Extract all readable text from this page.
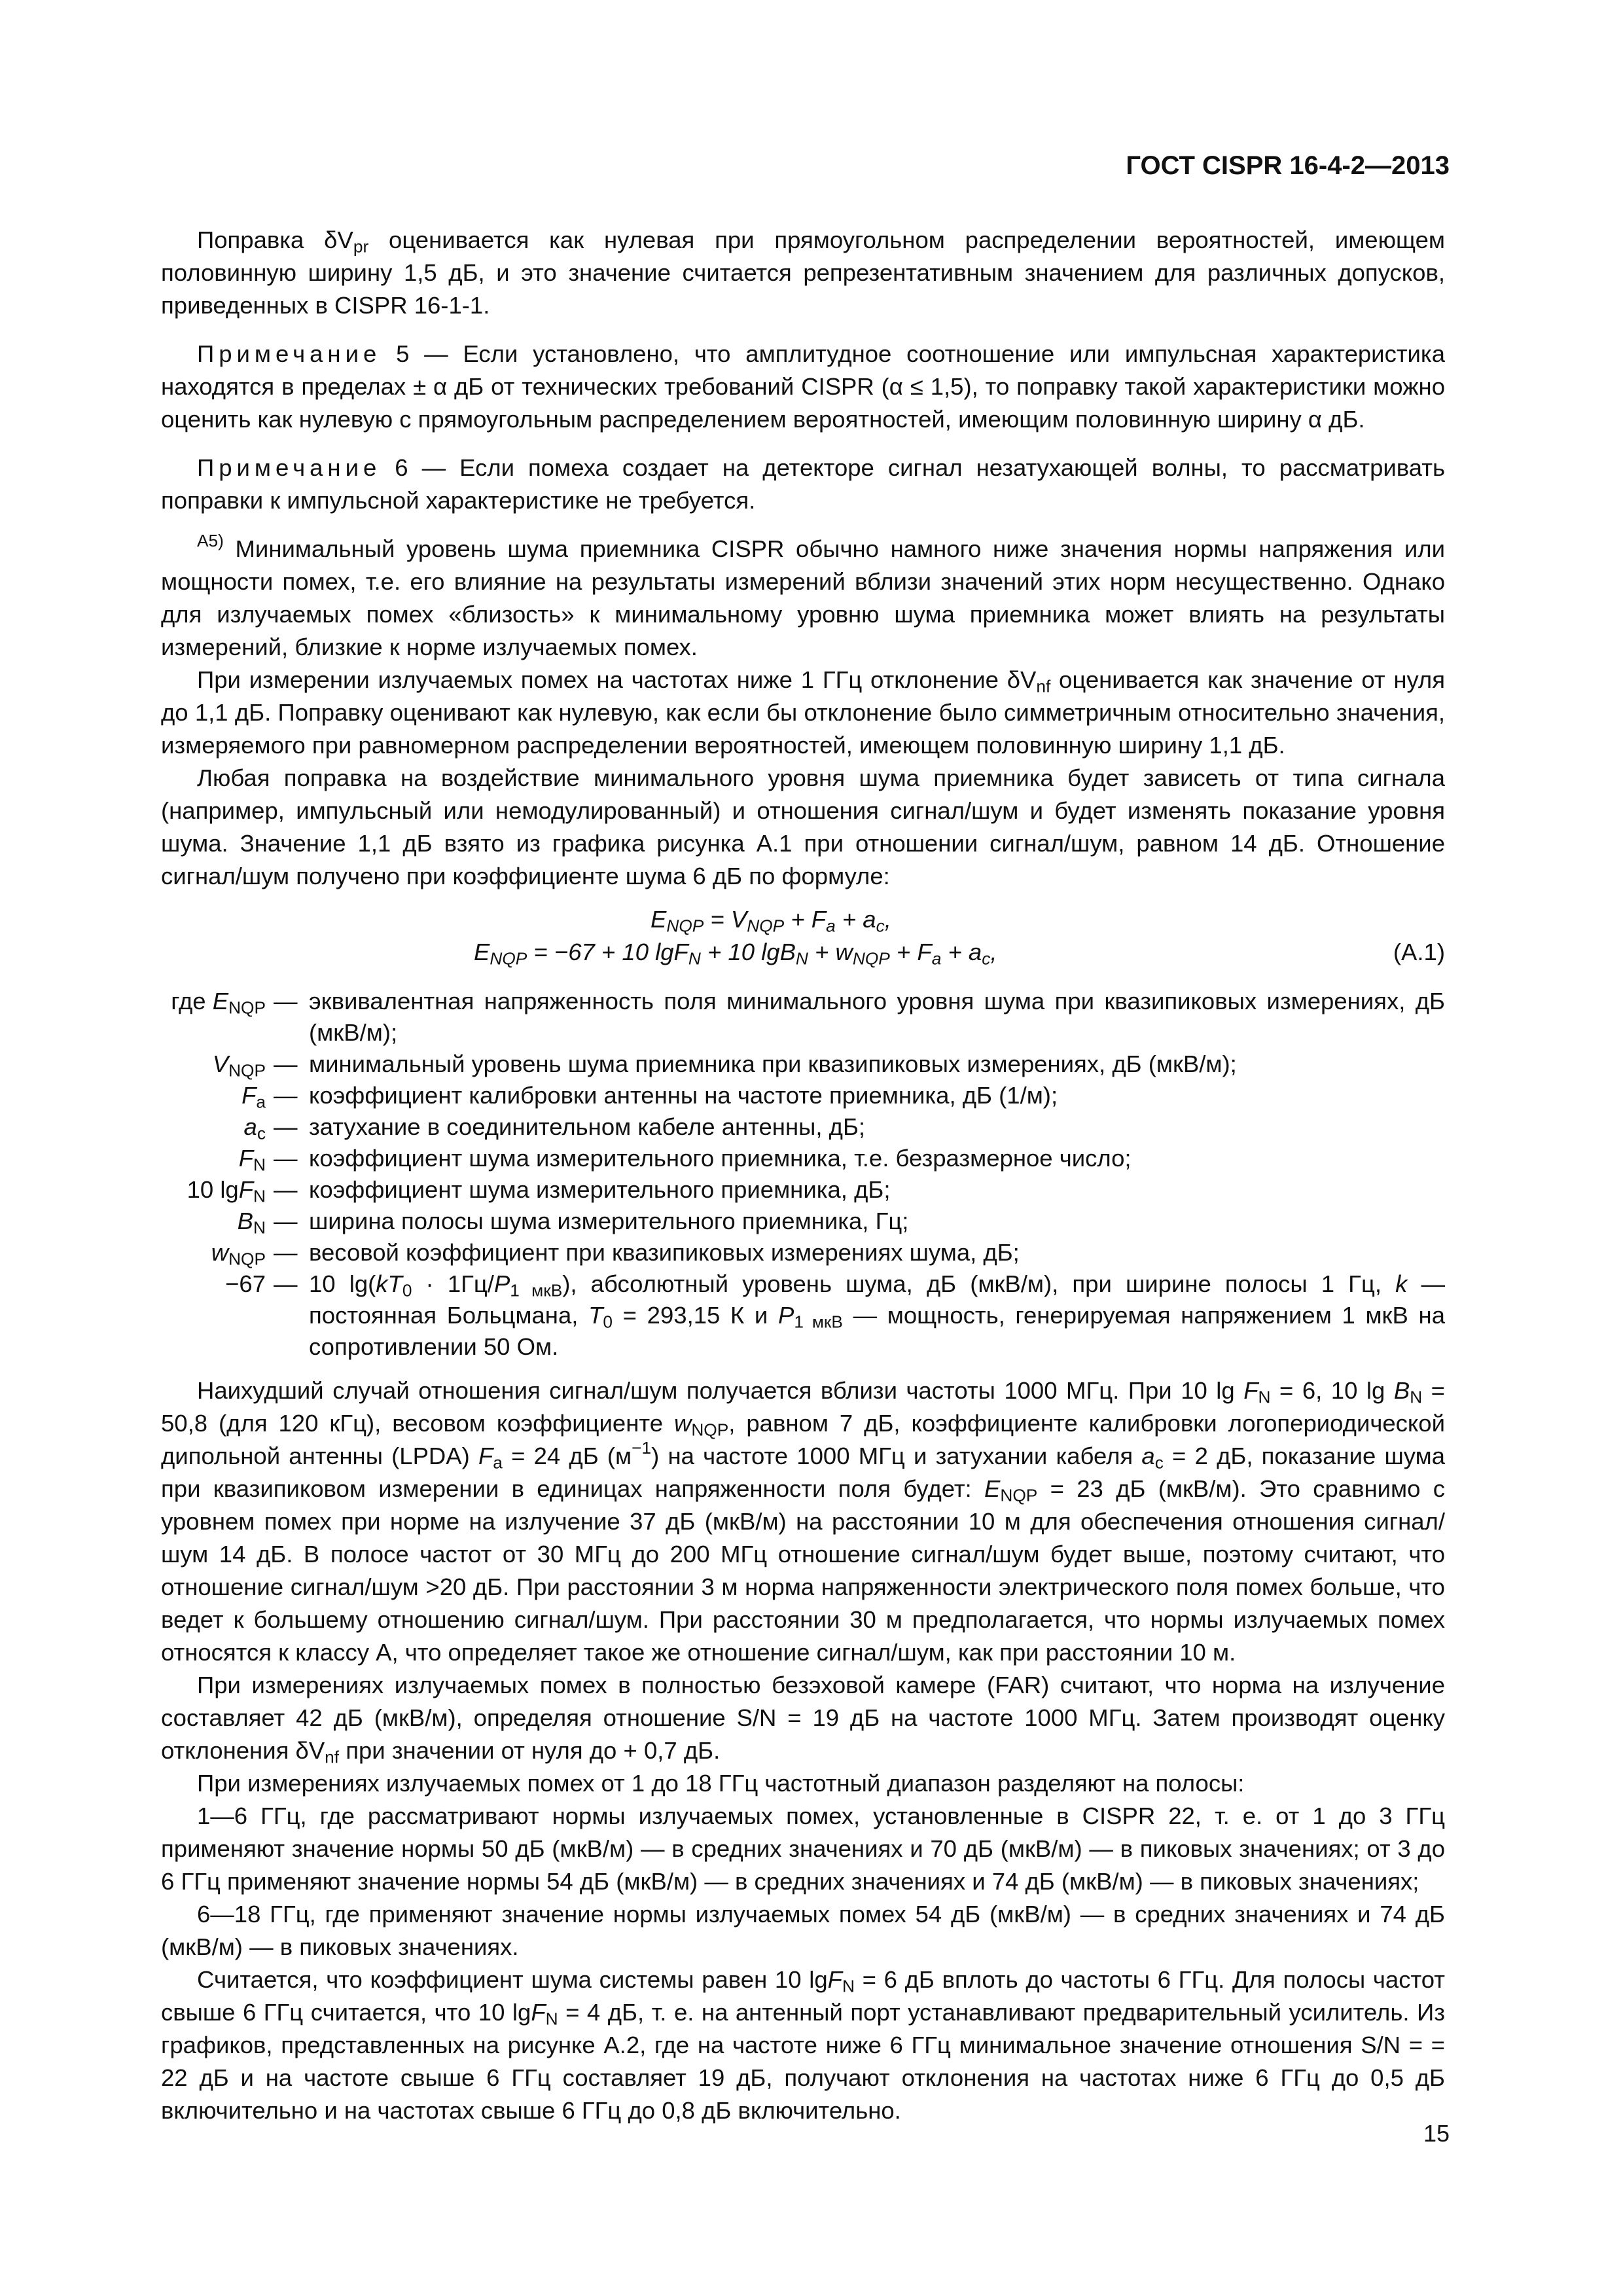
ГОСТ CISPR 16-4-2—2013

Поправка $\delta V_{pr}$ оценивается как нулевая при прямоугольном распределении вероятностей, имеющем половинную ширину 1,5 дБ, и это значение считается репрезентативным значением для различных допусков, приведенных в CISPR 16-1-1.

Примечание 5 — Если установлено, что амплитудное соотношение или импульсная характеристика находятся в пределах ± α дБ от технических требований CISPR (α ≤ 1,5), то поправку такой характеристики можно оценить как нулевую с прямоугольным распределением вероятностей, имеющим половинную ширину α дБ.

Примечание 6 — Если помеха создает на детекторе сигнал незатухающей волны, то рассматривать поправки к импульсной характеристике не требуется.

$^{А5)}$ Минимальный уровень шума приемника CISPR обычно намного ниже значения нормы напряжения или мощности помех, т.е. его влияние на результаты измерений вблизи значений этих норм несущественно. Однако для излучаемых помех «близость» к минимальному уровню шума приемника может влиять на результаты измерений, близкие к норме излучаемых помех.

При измерении излучаемых помех на частотах ниже 1 ГГц отклонение $\delta V_{nf}$ оценивается как значение от нуля до 1,1 дБ. Поправку оценивают как нулевую, как если бы отклонение было симметричным относительно значения, измеряемого при равномерном распределении вероятностей, имеющем половинную ширину 1,1 дБ.

Любая поправка на воздействие минимального уровня шума приемника будет зависеть от типа сигнала (например, импульсный или немодулированный) и отношения сигнал/шум и будет изменять показание уровня шума. Значение 1,1 дБ взято из графика рисунка А.1 при отношении сигнал/шум, равном 14 дБ. Отношение сигнал/шум получено при коэффициенте шума 6 дБ по формуле:

$E_{NQP} = V_{NQP} + F_a + a_c$,
$E_{NQP} = -67 + 10$ lgF$_N$ + 10 $\lg B_N + w_{NQP} + F_a + a_c$,	(А.1)
где $E_{NQP}$ — эквивалентная напряженность поля минимального уровня шума при квазипиковых измерениях, дБ (мкВ/м);
$V_{NQP}$ — минимальный уровень шума приемника при квазипиковых измерениях, дБ (мкВ/м);
$F_a$ — коэффициент калибровки антенны на частоте приемника, дБ (1/м);
$a_c$ — затухание в соединительном кабеле антенны, дБ;
$F_N$ — коэффициент шума измерительного приемника, т.е. безразмерное число;
10 lgF$_N$ — коэффициент шума измерительного приемника, дБ;
$B_N$ — ширина полосы шума измерительного приемника, Гц;
$w_{NQP}$ — весовой коэффициент при квазипиковых измерениях шума, дБ;
−67 — 10 $\lg(kT_0 \cdot 1Гц/P_{1 мкВ})$, абсолютный уровень шума, дБ (мкВ/м), при ширине полосы 1 Гц, k — постоянная Больцмана, $T_0 = 293,15$ К и $P_{1 мкВ}$ — мощность, генерируемая напряжением 1 мкВ на сопротивлении 50 Ом.

Наихудший случай отношения сигнал/шум получается вблизи частоты 1000 МГц. При 10 $\lg F_N = 6$, 10 $\lg B_N = 50,8$ (для 120 кГц), весовом коэффициенте $w_{NQP}$, равном 7 дБ, коэффициенте калибровки логопериодической дипольной антенны (LPDA) $F_a = 24$ дБ $(м^{-1})$ на частоте 1000 МГц и затухании кабеля $a_c = 2$ дБ, показание шума при квазипиковом измерении в единицах напряженности поля будет: $E_{NQP} = 23$ дБ (мкВ/м). Это сравнимо с уровнем помех при норме на излучение 37 дБ (мкВ/м) на расстоянии 10 м для обеспечения отношения сигнал/шум 14 дБ. В полосе частот от 30 МГц до 200 МГц отношение сигнал/шум будет выше, поэтому считают, что отношение сигнал/шум >20 дБ. При расстоянии 3 м норма напряженности электрического поля помех больше, что ведет к большему отношению сигнал/шум. При расстоянии 30 м предполагается, что нормы излучаемых помех относятся к классу А, что определяет такое же отношение сигнал/шум, как при расстоянии 10 м.

При измерениях излучаемых помех в полностью безэховой камере (FAR) считают, что норма на излучение составляет 42 дБ (мкВ/м), определяя отношение S/N = 19 дБ на частоте 1000 МГц. Затем производят оценку отклонения $\delta V_{nf}$ при значении от нуля до + 0,7 дБ.

При измерениях излучаемых помех от 1 до 18 ГГц частотный диапазон разделяют на полосы:

1—6 ГГц, где рассматривают нормы излучаемых помех, установленные в CISPR 22, т. е. от 1 до 3 ГГц применяют значение нормы 50 дБ (мкВ/м) — в средних значениях и 70 дБ (мкВ/м) — в пиковых значениях; от 3 до 6 ГГц применяют значение нормы 54 дБ (мкВ/м) — в средних значениях и 74 дБ (мкВ/м) — в пиковых значениях;

6—18 ГГц, где применяют значение нормы излучаемых помех 54 дБ (мкВ/м) — в средних значениях и 74 дБ (мкВ/м) — в пиковых значениях.

Считается, что коэффициент шума системы равен 10 lgF$_N$ = 6 дБ вплоть до частоты 6 ГГц. Для полосы частот свыше 6 ГГц считается, что 10 lgF$_N$ = 4 дБ, т. е. на антенный порт устанавливают предварительный усилитель. Из графиков, представленных на рисунке А.2, где на частоте ниже 6 ГГц минимальное значение отношения S/N = = 22 дБ и на частоте свыше 6 ГГц составляет 19 дБ, получают отклонения на частотах ниже 6 ГГц до 0,5 дБ включительно и на частотах свыше 6 ГГц до 0,8 дБ включительно.

15
